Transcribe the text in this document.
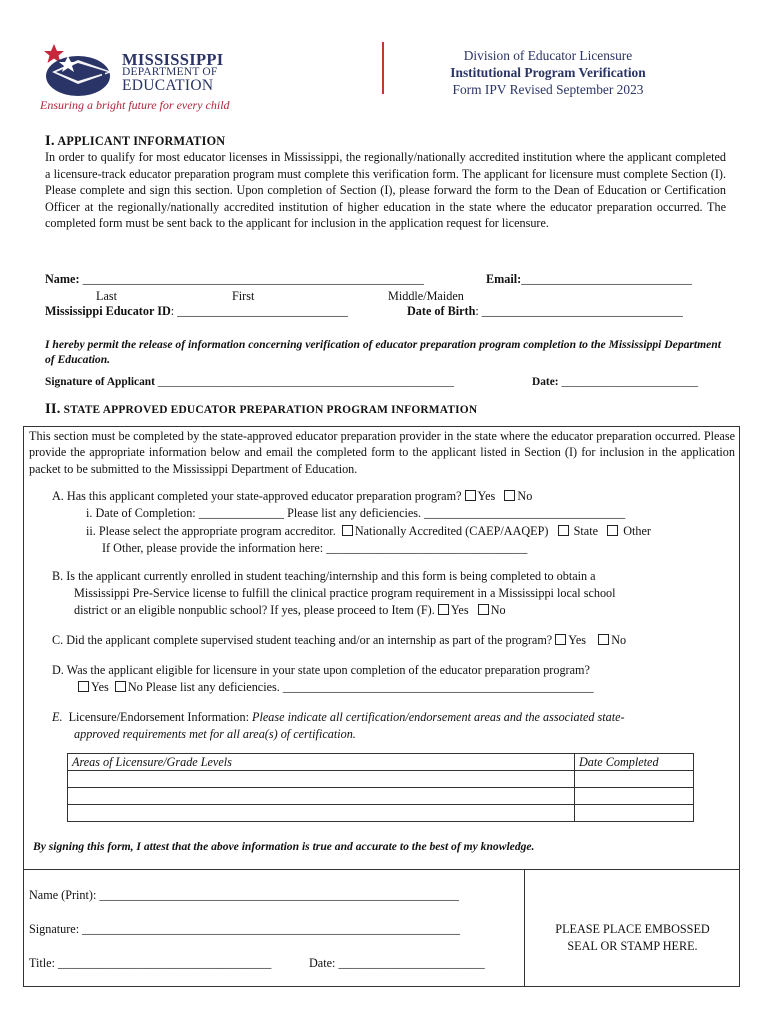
MISSISSIPPI
DEPARTMENT OF
EDUCATION
Ensuring a bright future for every child
Division of Educator Licensure
Institutional Program Verification
Form IPV Revised September 2023
I. APPLICANT INFORMATION
In order to qualify for most educator licenses in Mississippi, the regionally/nationally accredited institution where the applicant completed a licensure-track educator preparation program must complete this verification form. The applicant for licensure must complete Section (I). Please complete and sign this section. Upon completion of Section (I), please forward the form to the Dean of Education or Certification Officer at the regionally/nationally accredited institution of higher education in the state where the educator preparation occurred. The completed form must be sent back to the applicant for inclusion in the application request for licensure.
Name: ________________________________________________________	Email:____________________________
Last	First	Middle/Maiden
Mississippi Educator ID: ____________________________	Date of Birth: _________________________________
I hereby permit the release of information concerning verification of educator preparation program completion to the Mississippi Department of Education.
Signature of Applicant ____________________________________________________	Date: ________________________
II. STATE APPROVED EDUCATOR PREPARATION PROGRAM INFORMATION
This section must be completed by the state-approved educator preparation provider in the state where the educator preparation occurred. Please provide the appropriate information below and email the completed form to the applicant listed in Section (I) for inclusion in the application packet to be submitted to the Mississippi Department of Education.
A. Has this applicant completed your state-approved educator preparation program? Yes No
i. Date of Completion: ______________ Please list any deficiencies. _________________________________
ii. Please select the appropriate program accreditor. Nationally Accredited (CAEP/AAQEP) State Other
If Other, please provide the information here: _________________________________
B. Is the applicant currently enrolled in student teaching/internship and this form is being completed to obtain a
Mississippi Pre-Service license to fulfill the clinical practice program requirement in a Mississippi local school
district or an eligible nonpublic school? If yes, please proceed to Item (F). Yes No
C. Did the applicant complete supervised student teaching and/or an internship as part of the program? Yes No
D. Was the applicant eligible for licensure in your state upon completion of the educator preparation program?
Yes No Please list any deficiencies. ___________________________________________________
E. Licensure/Endorsement Information: Please indicate all certification/endorsement areas and the associated state-
approved requirements met for all area(s) of certification.
Areas of Licensure/Grade Levels	Date Completed

By signing this form, I attest that the above information is true and accurate to the best of my knowledge.
Name (Print): ___________________________________________________________
Signature: ______________________________________________________________
Title: ___________________________________	Date: ________________________
PLEASE PLACE EMBOSSED
SEAL OR STAMP HERE.
